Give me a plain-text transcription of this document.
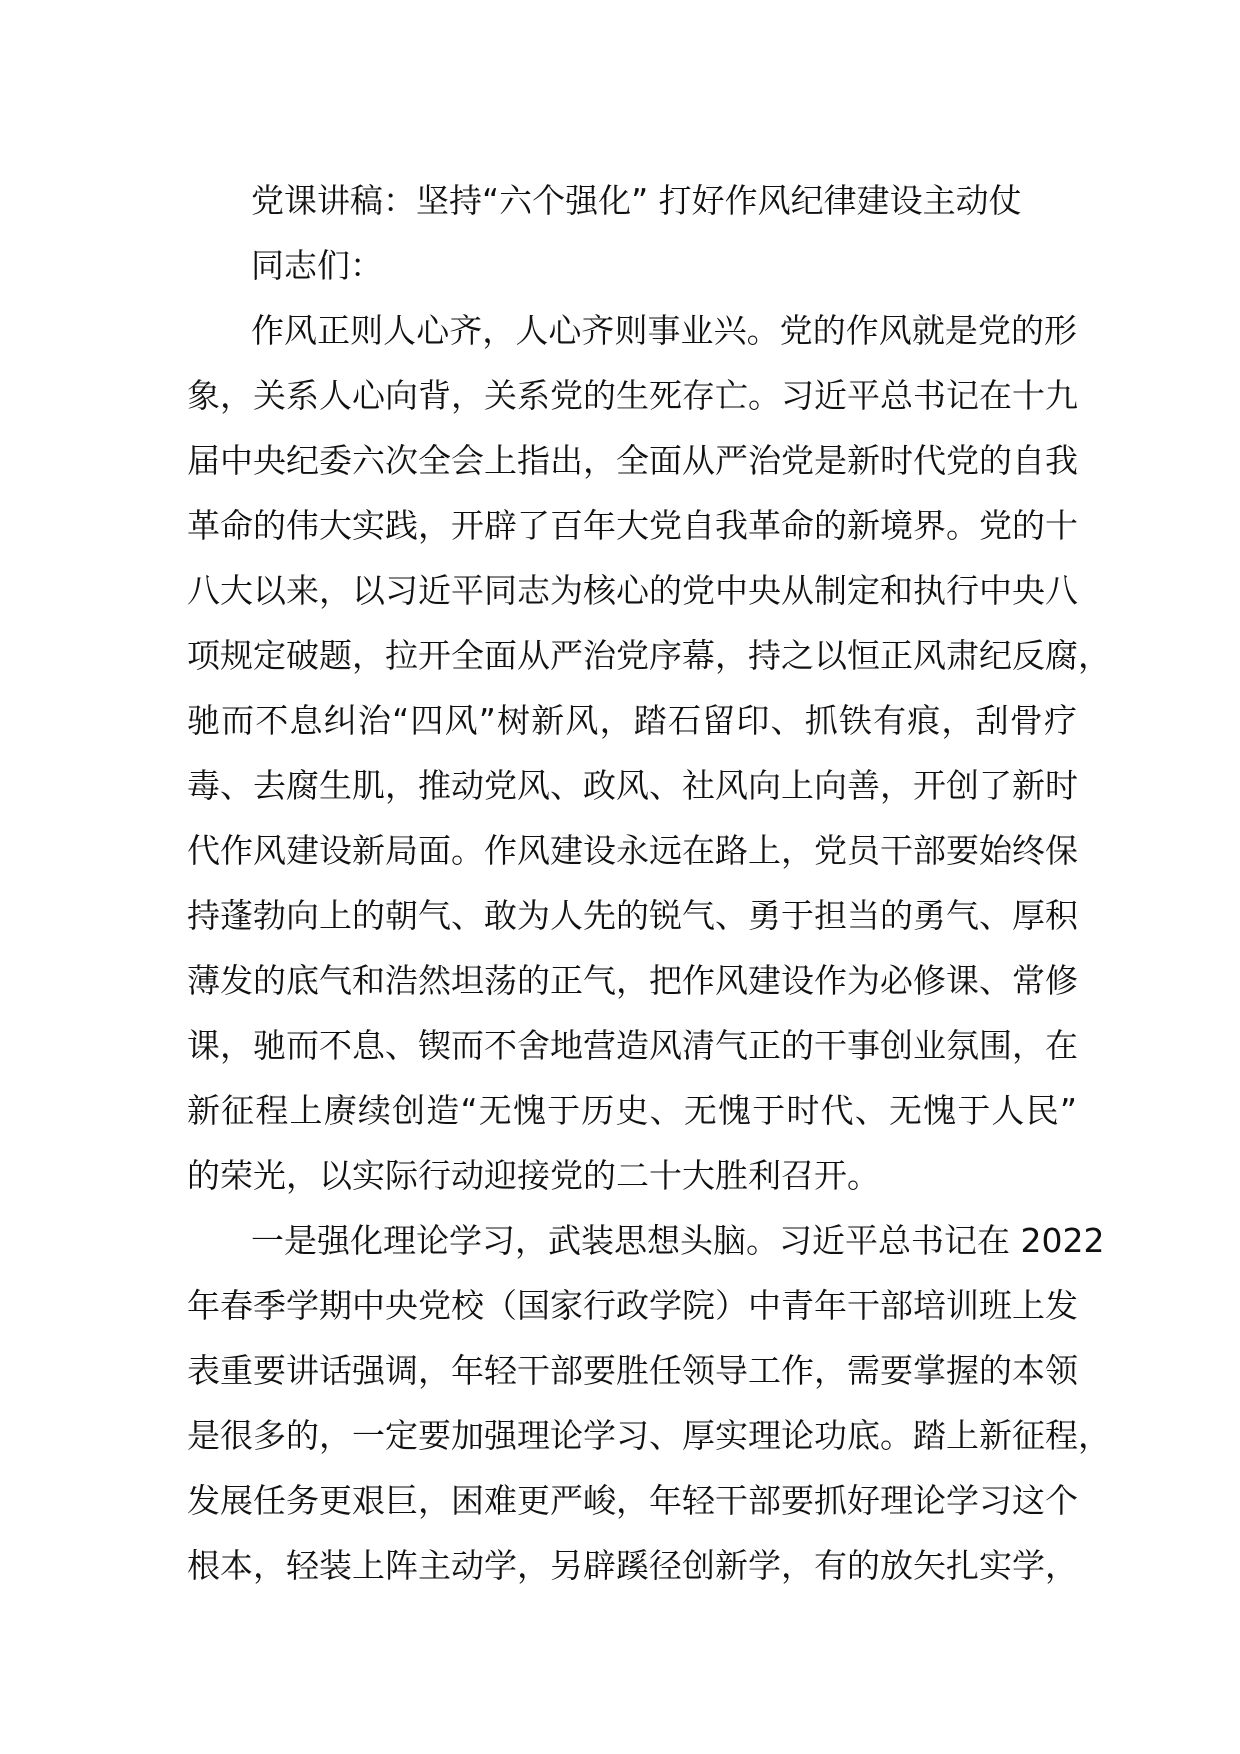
党课讲稿：坚持“六个强化” 打好作风纪律建设主动仗
同志们：
作风正则人心齐，人心齐则事业兴。党的作风就是党的形
象，关系人心向背，关系党的生死存亡。习近平总书记在十九
届中央纪委六次全会上指出，全面从严治党是新时代党的自我
革命的伟大实践，开辟了百年大党自我革命的新境界。党的十
八大以来，以习近平同志为核心的党中央从制定和执行中央八
项规定破题，拉开全面从严治党序幕，持之以恒正风肃纪反腐，
驰而不息纠治“四风”树新风，踏石留印、抓铁有痕，刮骨疗
毒、去腐生肌，推动党风、政风、社风向上向善，开创了新时
代作风建设新局面。作风建设永远在路上，党员干部要始终保
持蓬勃向上的朝气、敢为人先的锐气、勇于担当的勇气、厚积
薄发的底气和浩然坦荡的正气，把作风建设作为必修课、常修
课，驰而不息、锲而不舍地营造风清气正的干事创业氛围，在
新征程上赓续创造“无愧于历史、无愧于时代、无愧于人民”
的荣光，以实际行动迎接党的二十大胜利召开。
一是强化理论学习，武装思想头脑。习近平总书记在 2022
年春季学期中央党校（国家行政学院）中青年干部培训班上发
表重要讲话强调，年轻干部要胜任领导工作，需要掌握的本领
是很多的，一定要加强理论学习、厚实理论功底。踏上新征程，
发展任务更艰巨，困难更严峻，年轻干部要抓好理论学习这个
根本，轻装上阵主动学，另辟蹊径创新学，有的放矢扎实学，
